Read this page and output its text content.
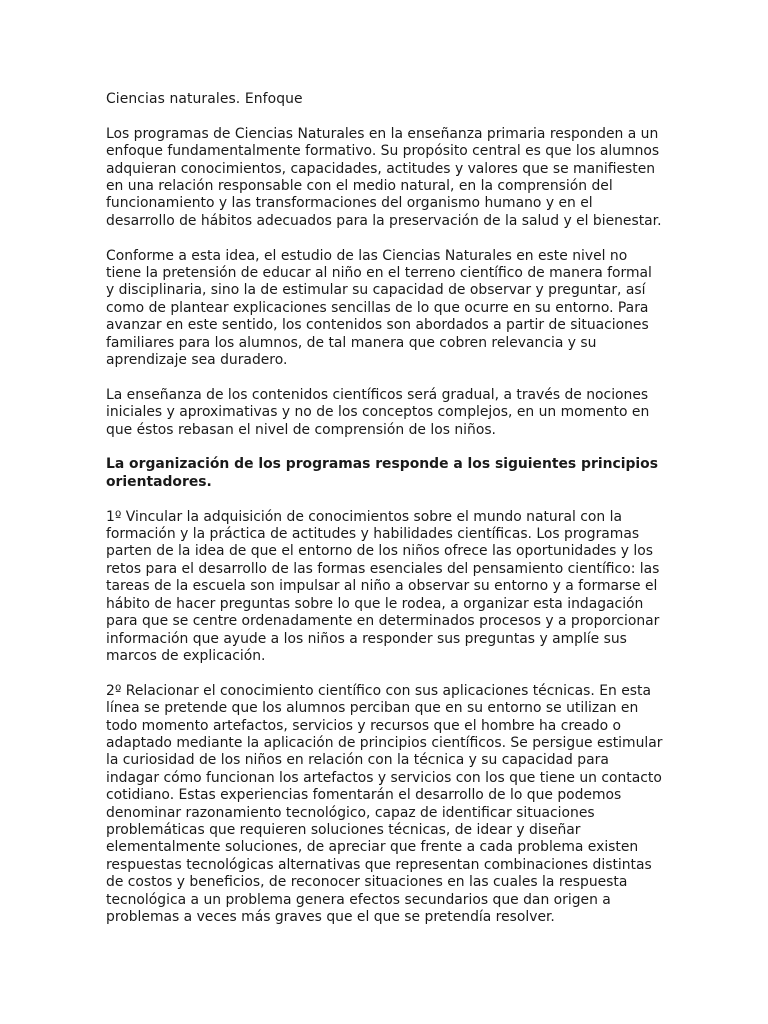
Ciencias naturales. Enfoque
Los programas de Ciencias Naturales en la enseñanza primaria responden a un
enfoque fundamentalmente formativo. Su propósito central es que los alumnos
adquieran conocimientos, capacidades, actitudes y valores que se manifiesten
en una relación responsable con el medio natural, en la comprensión del
funcionamiento y las transformaciones del organismo humano y en el
desarrollo de hábitos adecuados para la preservación de la salud y el bienestar.
Conforme a esta idea, el estudio de las Ciencias Naturales en este nivel no
tiene la pretensión de educar al niño en el terreno científico de manera formal
y disciplinaria, sino la de estimular su capacidad de observar y preguntar, así
como de plantear explicaciones sencillas de lo que ocurre en su entorno. Para
avanzar en este sentido, los contenidos son abordados a partir de situaciones
familiares para los alumnos, de tal manera que cobren relevancia y su
aprendizaje sea duradero.
La enseñanza de los contenidos científicos será gradual, a través de nociones
iniciales y aproximativas y no de los conceptos complejos, en un momento en
que éstos rebasan el nivel de comprensión de los niños.
La organización de los programas responde a los siguientes principios
orientadores.
1º Vincular la adquisición de conocimientos sobre el mundo natural con la
formación y la práctica de actitudes y habilidades científicas. Los programas
parten de la idea de que el entorno de los niños ofrece las oportunidades y los
retos para el desarrollo de las formas esenciales del pensamiento científico: las
tareas de la escuela son impulsar al niño a observar su entorno y a formarse el
hábito de hacer preguntas sobre lo que le rodea, a organizar esta indagación
para que se centre ordenadamente en determinados procesos y a proporcionar
información que ayude a los niños a responder sus preguntas y amplíe sus
marcos de explicación.
2º Relacionar el conocimiento científico con sus aplicaciones técnicas. En esta
línea se pretende que los alumnos perciban que en su entorno se utilizan en
todo momento artefactos, servicios y recursos que el hombre ha creado o
adaptado mediante la aplicación de principios científicos. Se persigue estimular
la curiosidad de los niños en relación con la técnica y su capacidad para
indagar cómo funcionan los artefactos y servicios con los que tiene un contacto
cotidiano. Estas experiencias fomentarán el desarrollo de lo que podemos
denominar razonamiento tecnológico, capaz de identificar situaciones
problemáticas que requieren soluciones técnicas, de idear y diseñar
elementalmente soluciones, de apreciar que frente a cada problema existen
respuestas tecnológicas alternativas que representan combinaciones distintas
de costos y beneficios, de reconocer situaciones en las cuales la respuesta
tecnológica a un problema genera efectos secundarios que dan origen a
problemas a veces más graves que el que se pretendía resolver.
